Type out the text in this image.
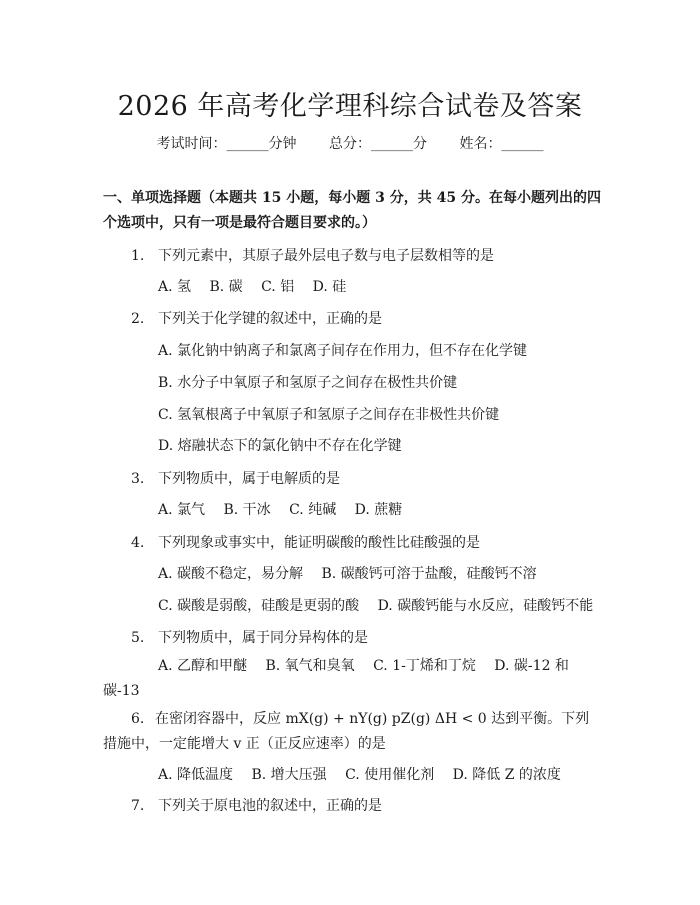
2026 年高考化学理科综合试卷及答案
考试时间：______分钟 总分：______分 姓名：______
一、单项选择题（本题共 15 小题，每小题 3 分，共 45 分。在每小题列出的四个选项中，只有一项是最符合题目要求的。）
1. 下列元素中，其原子最外层电子数与电子层数相等的是
A. 氢　 B. 碳　 C. 铝　 D. 硅
2. 下列关于化学键的叙述中，正确的是
A. 氯化钠中钠离子和氯离子间存在作用力，但不存在化学键
B. 水分子中氧原子和氢原子之间存在极性共价键
C. 氢氧根离子中氧原子和氢原子之间存在非极性共价键
D. 熔融状态下的氯化钠中不存在化学键
3. 下列物质中，属于电解质的是
A. 氯气　 B. 干冰　 C. 纯碱　 D. 蔗糖
4. 下列现象或事实中，能证明碳酸的酸性比硅酸强的是
A. 碳酸不稳定，易分解　 B. 碳酸钙可溶于盐酸，硅酸钙不溶
C. 碳酸是弱酸，硅酸是更弱的酸　 D. 碳酸钙能与水反应，硅酸钙不能
5. 下列物质中，属于同分异构体的是
A. 乙醇和甲醚　 B. 氧气和臭氧　 C. 1-丁烯和丁烷　 D. 碳-12 和碳-13
6. 在密闭容器中，反应 mX(g) + nY(g) pZ(g) ΔH < 0 达到平衡。下列措施中，一定能增大 v 正（正反应速率）的是
A. 降低温度　 B. 增大压强　 C. 使用催化剂　 D. 降低 Z 的浓度
7. 下列关于原电池的叙述中，正确的是
